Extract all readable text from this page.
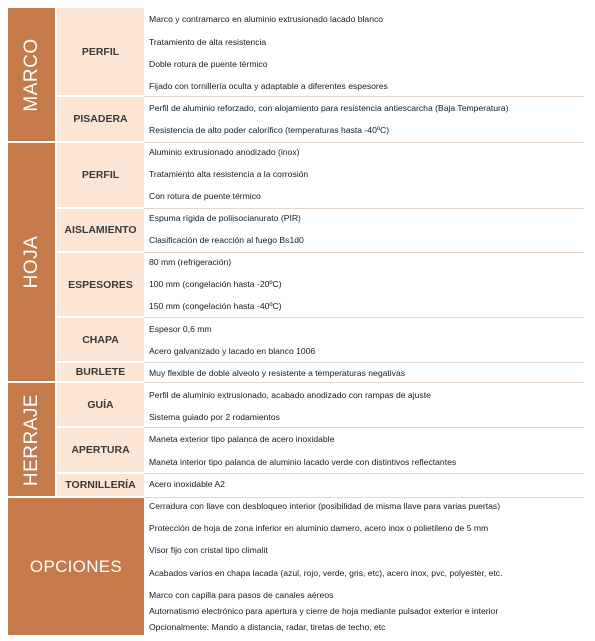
MARCO
HOJA
HERRAJE
OPCIONES
PERFIL
PISADERA
PERFIL
AISLAMIENTO
ESPESORES
CHAPA
BURLETE
GUÍA
APERTURA
TORNILLERÍA
Marco y contramarco en aluminio extrusionado lacado blanco
Tratamiento de alta resistencia
Doble rotura de puente térmico
Fijado con tornillería oculta y adaptable a diferentes espesores
Perfil de aluminio reforzado, con alojamiento para resistencia antiescarcha (Baja Temperatura)
Resistencia de alto poder calorífico (temperaturas hasta -40ºC)
Aluminio extrusionado anodizado (inox)
Tratamiento alta resistencia a la corrosión
Con rotura de puente térmico
Espuma rígida de poliisocianurato (PIR)
Clasificación de reacción al fuego Bs1d0
80 mm (refrigeración)
100 mm (congelación hasta -20ºC)
150 mm (congelación hasta -40ºC)
Espesor 0,6 mm
Acero galvanizado y lacado en blanco 1006
Muy flexible de doble alveolo y resistente a temperaturas negativas
Perfil de aluminio extrusionado, acabado anodizado con rampas de ajuste
Sistema guiado por 2 rodamientos
Maneta exterior tipo palanca de acero inoxidable
Maneta interior tipo palanca de aluminio lacado verde con distintivos reflectantes
Acero inoxidable A2
Cerradura con llave con desbloqueo interior (posibilidad de misma llave para varias puertas)
Protección de hoja de zona inferior en aluminio damero, acero inox o polietileno de 5 mm
Visor fijo con cristal tipo climalit
Acabados varios en chapa lacada (azul, rojo, verde, gris, etc), acero inox, pvc, polyester, etc.
Marco con capilla para pasos de canales aéreos
Automatismo electrónico para apertura y cierre de hoja mediante pulsador exterior e interior
Opcionalmente: Mando a distancia, radar, tiretas de techo, etc
